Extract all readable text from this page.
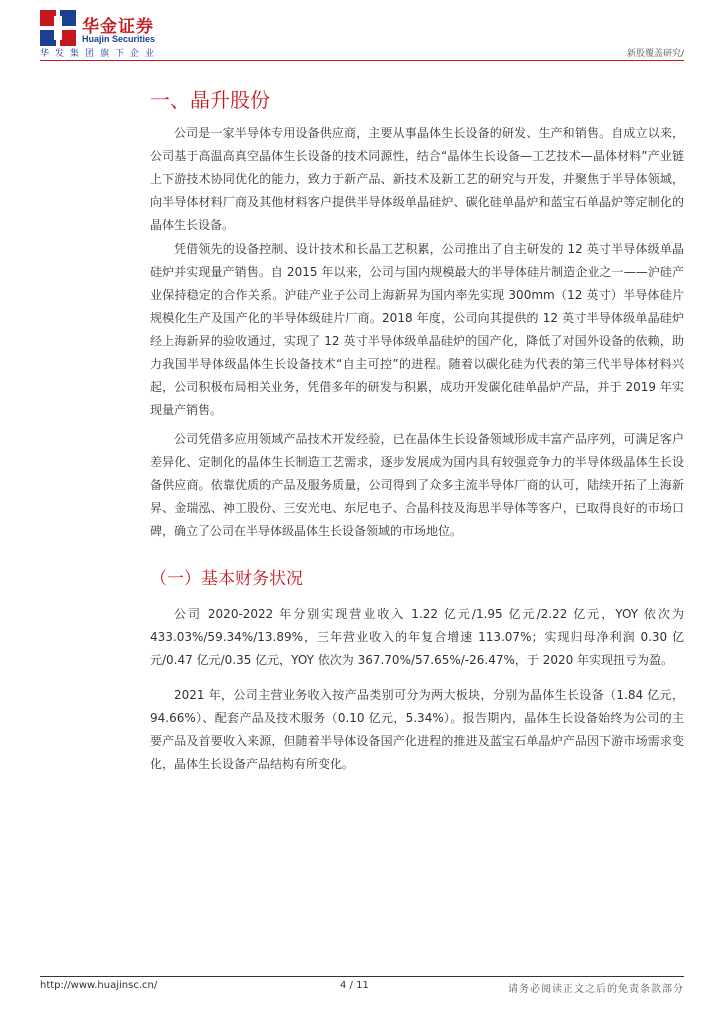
华金证券
Huajin Securities
华发集团旗下企业	新股覆盖研究/
一、晶升股份

公司是一家半导体专用设备供应商，主要从事晶体生长设备的研发、生产和销售。自成立以来，公司基于高温高真空晶体生长设备的技术同源性，结合“晶体生长设备—工艺技术—晶体材料”产业链上下游技术协同优化的能力，致力于新产品、新技术及新工艺的研究与开发，并聚焦于半导体领域，向半导体材料厂商及其他材料客户提供半导体级单晶硅炉、碳化硅单晶炉和蓝宝石单晶炉等定制化的晶体生长设备。

凭借领先的设备控制、设计技术和长晶工艺积累，公司推出了自主研发的 12 英寸半导体级单晶硅炉并实现量产销售。自 2015 年以来，公司与国内规模最大的半导体硅片制造企业之一——沪硅产业保持稳定的合作关系。沪硅产业子公司上海新昇为国内率先实现 300mm（12 英寸）半导体硅片规模化生产及国产化的半导体级硅片厂商。2018 年度，公司向其提供的 12 英寸半导体级单晶硅炉经上海新昇的验收通过，实现了 12 英寸半导体级单晶硅炉的国产化，降低了对国外设备的依赖，助力我国半导体级晶体生长设备技术“自主可控”的进程。随着以碳化硅为代表的第三代半导体材料兴起，公司积极布局相关业务，凭借多年的研发与积累，成功开发碳化硅单晶炉产品，并于 2019 年实现量产销售。

公司凭借多应用领域产品技术开发经验，已在晶体生长设备领域形成丰富产品序列，可满足客户差异化、定制化的晶体生长制造工艺需求，逐步发展成为国内具有较强竞争力的半导体级晶体生长设备供应商。依靠优质的产品及服务质量，公司得到了众多主流半导体厂商的认可，陆续开拓了上海新昇、金瑞泓、神工股份、三安光电、东尼电子、合晶科技及海思半导体等客户，已取得良好的市场口碑，确立了公司在半导体级晶体生长设备领域的市场地位。

（一）基本财务状况

公司 2020-2022 年分别实现营业收入 1.22 亿元/1.95 亿元/2.22 亿元，YOY 依次为 433.03%/59.34%/13.89%，三年营业收入的年复合增速 113.07%；实现归母净利润 0.30 亿元/0.47 亿元/0.35 亿元，YOY 依次为 367.70%/57.65%/-26.47%，于 2020 年实现扭亏为盈。

2021 年，公司主营业务收入按产品类别可分为两大板块，分别为晶体生长设备（1.84 亿元，94.66%）、配套产品及技术服务（0.10 亿元，5.34%）。报告期内，晶体生长设备始终为公司的主要产品及首要收入来源，但随着半导体设备国产化进程的推进及蓝宝石单晶炉产品因下游市场需求变化，晶体生长设备产品结构有所变化。

http://www.huajinsc.cn/	4 / 11	请务必阅读正文之后的免责条款部分
